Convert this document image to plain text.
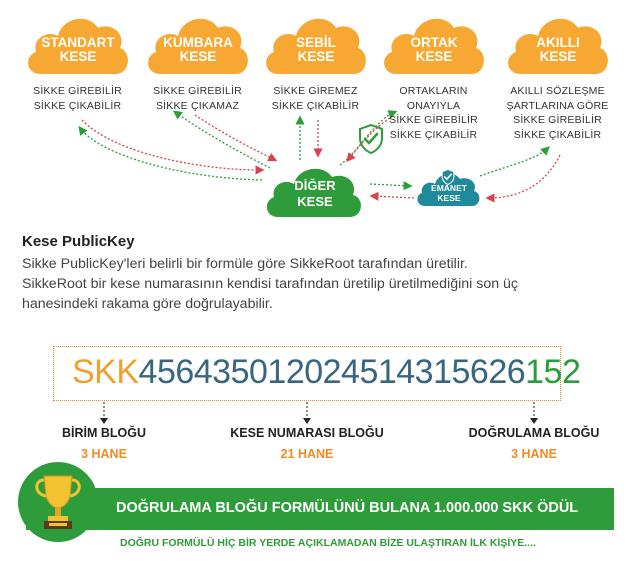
STANDART
KESE
SİKKE GİREBİLİR
SİKKE ÇIKABİLİR
KUMBARA
KESE
SİKKE GİREBİLİR
SİKKE ÇIKAMAZ
SEBİL
KESE
SİKKE GİREMEZ
SİKKE ÇIKABİLİR
ORTAK
KESE
ORTAKLARIN
ONAYIYLA
SİKKE GİREBİLİR
SİKKE ÇIKABİLİR
AKILLI
KESE
AKILLI SÖZLEŞME
ŞARTLARINA GÖRE
SİKKE GİREBİLİR
SİKKE ÇIKABİLİR
DİĞER
KESE
EMANET
KESE
Kese PublicKey
Sikke PublicKey'leri belirli bir formüle göre SikkeRoot tarafından üretilir.
SikkeRoot bir kese numarasının kendisi tarafından üretilip üretilmediğini son üç
hanesindeki rakama göre doğrulayabilir.
SKK456435012024514315626152
BİRİM BLOĞU
3 HANE
KESE NUMARASI BLOĞU
21 HANE
DOĞRULAMA BLOĞU
3 HANE
DOĞRULAMA BLOĞU FORMÜLÜNÜ BULANA 1.000.000 SKK ÖDÜL
DOĞRU FORMÜLÜ HİÇ BİR YERDE AÇIKLAMADAN BİZE ULAŞTIRAN İLK KİŞİYE....
